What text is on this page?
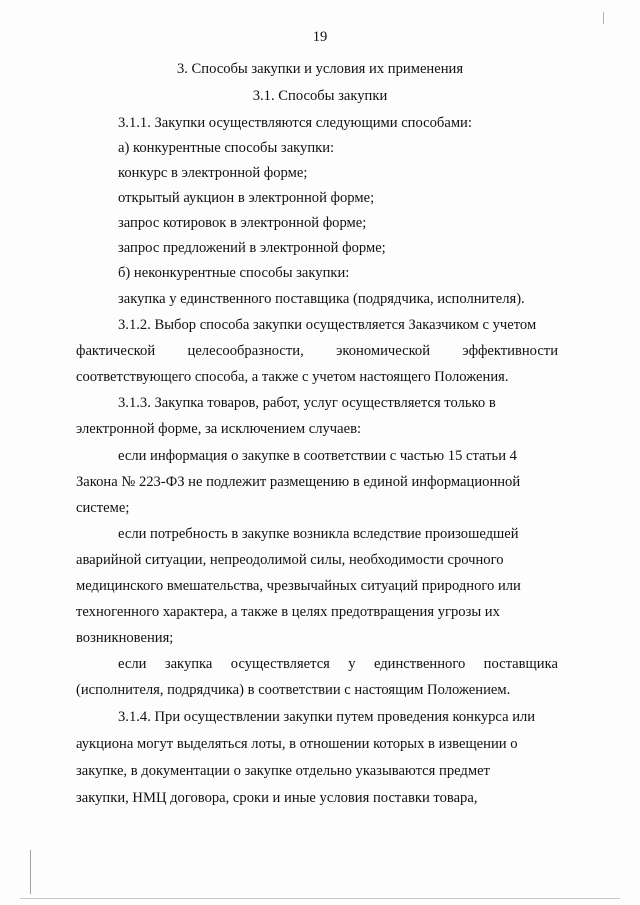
19
3. Способы закупки и условия их применения
3.1. Способы закупки
3.1.1. Закупки осуществляются следующими способами:
а) конкурентные способы закупки:
конкурс в электронной форме;
открытый аукцион в электронной форме;
запрос котировок в электронной форме;
запрос предложений в электронной форме;
б) неконкурентные способы закупки:
закупка у единственного поставщика (подрядчика, исполнителя).
3.1.2. Выбор способа закупки осуществляется Заказчиком с учетом
фактической целесообразности, экономической эффективности
соответствующего способа, а также с учетом настоящего Положения.
3.1.3. Закупка товаров, работ, услуг осуществляется только в
электронной форме, за исключением случаев:
если информация о закупке в соответствии с частью 15 статьи 4
Закона № 223-ФЗ не подлежит размещению в единой информационной
системе;
если потребность в закупке возникла вследствие произошедшей
аварийной ситуации, непреодолимой силы, необходимости срочного
медицинского вмешательства, чрезвычайных ситуаций природного или
техногенного характера, а также в целях предотвращения угрозы их
возникновения;
если закупка осуществляется у единственного поставщика
(исполнителя, подрядчика) в соответствии с настоящим Положением.
3.1.4. При осуществлении закупки путем проведения конкурса или
аукциона могут выделяться лоты, в отношении которых в извещении о
закупке, в документации о закупке отдельно указываются предмет
закупки, НМЦ договора, сроки и иные условия поставки товара,
